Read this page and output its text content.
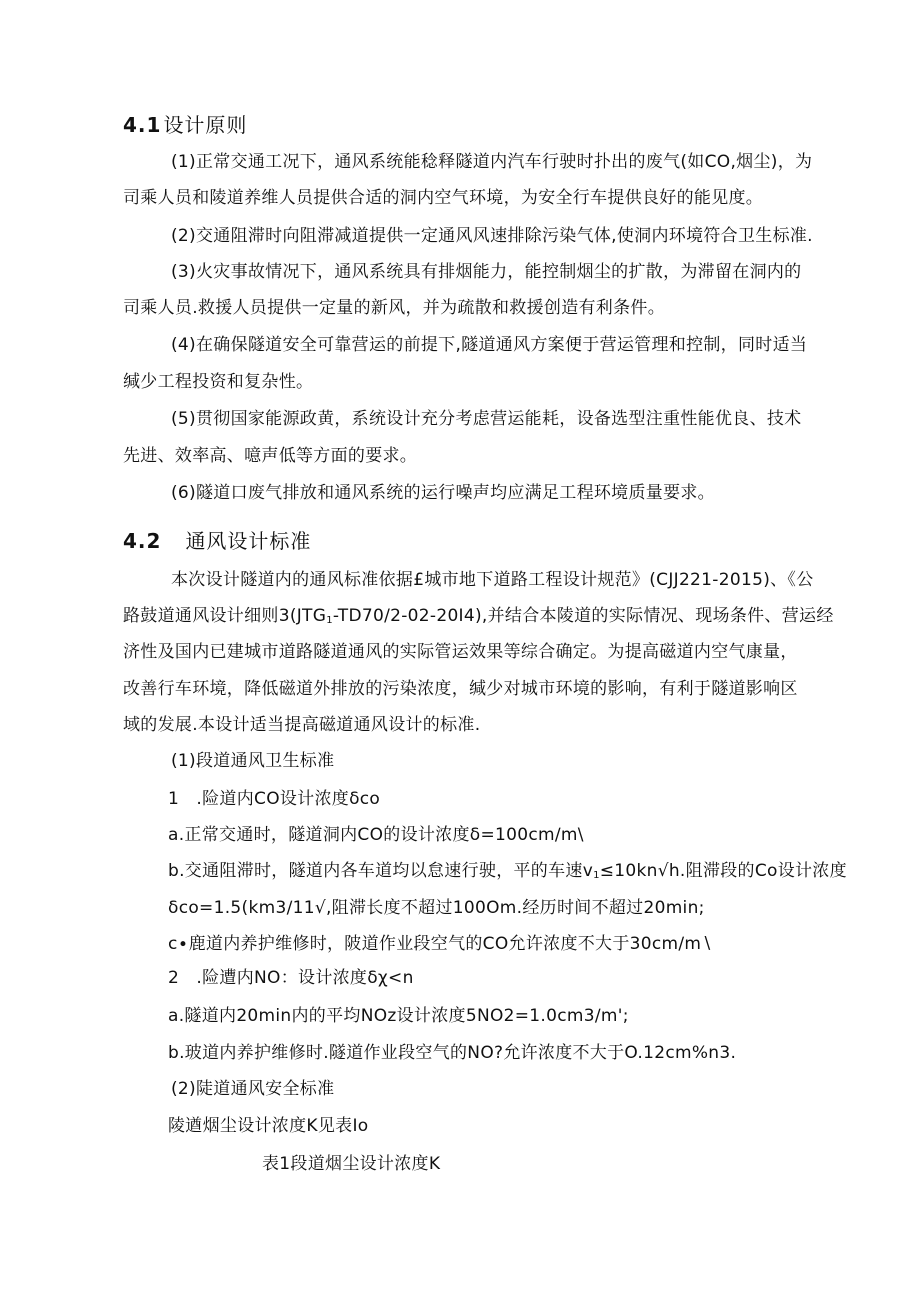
4.1 设计原则
(1)正常交通工况下，通风系统能稔释隧道内汽车行驶时扑出的废气(如CO,烟尘)，为
司乘人员和陵道养维人员提供合适的洞内空气环境，为安全行车提供良好的能见度。
(2)交通阻滞时向阻滞减道提供一定通风风速排除污染气体,使洞内环境符合卫生标准.
(3)火灾事故情况下，通风系统具有排烟能力，能控制烟尘的扩散，为滞留在洞内的
司乘人员.救援人员提供一定量的新风，并为疏散和救援创造有利条件。
(4)在确保隧道安全可靠营运的前提下,隧道通风方案便于营运管理和控制，同时适当
缄少工程投资和复杂性。
(5)贯彻国家能源政黄，系统设计充分考虑营运能耗，设备选型注重性能优良、技术
先进、效率高、噫声低等方面的要求。
(6)隧道口废气排放和通风系统的运行噪声均应满足工程环境质量要求。
4.2 通风设计标准
本次设计隧道内的通风标准依据£城市地下道路工程设计规范》(CJJ221-2015)、《公
路鼓道通风设计细则$3(JTG_1-TD70/2-02-20I4)$,并结合本陵道的实际情况、现场条件、营运经
济性及国内已建城市道路隧道通风的实际管运效果等综合确定。为提高磁道内空气康量，
改善行车环境，降低磁道外排放的污染浓度，缄少对城市环境的影响，有利于隧道影响区
域的发展.本设计适当提高磁道通风设计的标准.
(1)段道通风卫生标准
1　.险道内CO设计浓度δco
a.正常交通时，隧道洞内CO的设计浓度δ=100cm∕m\
b.交通阻滞时，隧道内各车道均以怠速行驶，平的车速$v_1\le 10kn√h$.阻滞段的Co设计浓度
δco=1.5(km3∕11√,阻滞长度不超过100Om.经历时间不超过20min;
c∙鹿道内养护维修时，陂道作业段空气的CO允许浓度不大于30cm∕m∖
2　.险遭内NO：设计浓度δχ<n
a.隧道内20min内的平均NOz设计浓度5NO2=1.0cm3∕m';
b.玻道内养护维修时.隧道作业段空气的NO?允许浓度不大于O.12cm%n3.
(2)陡道通风安全标准
陵遒烟尘设计浓度K见表Io
表1段道烟尘设计浓度K
